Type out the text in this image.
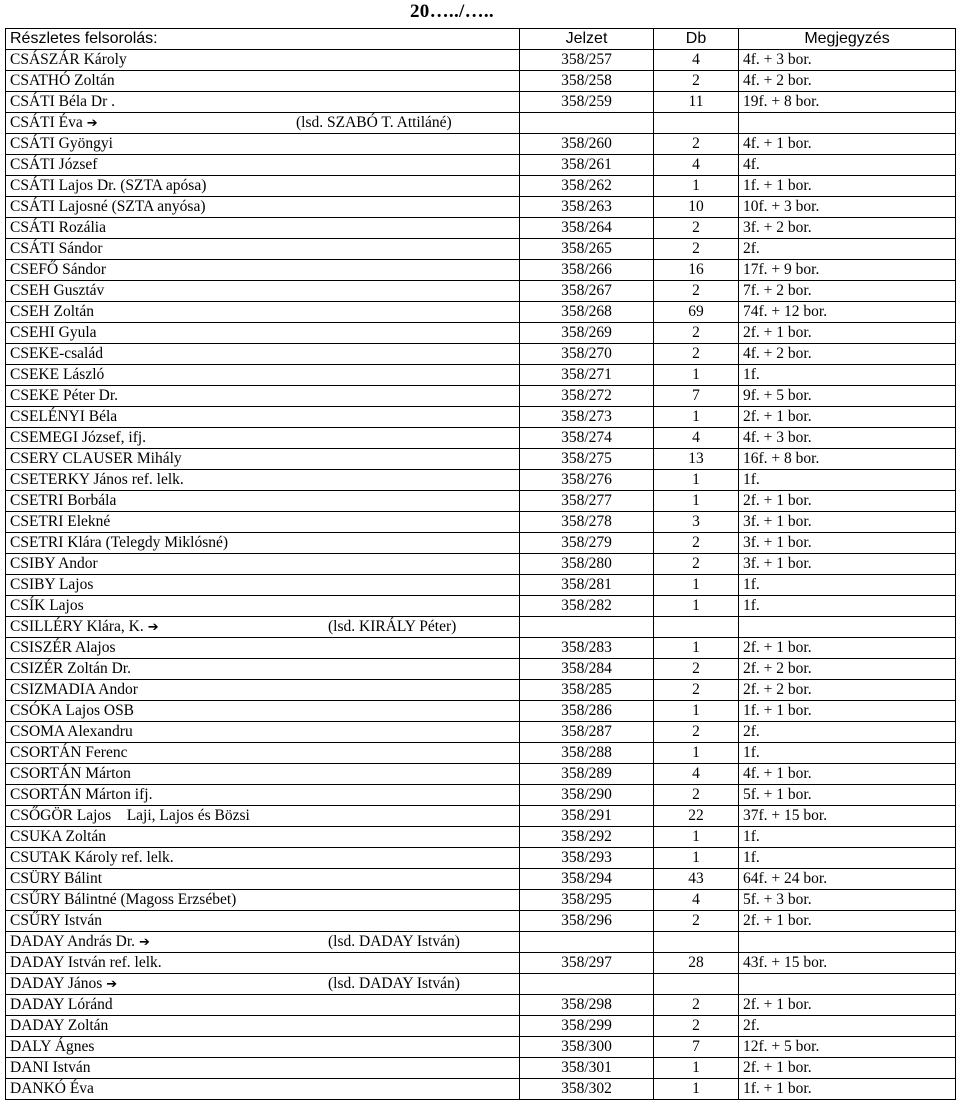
20…../…..
Részletes felsorolás:	Jelzet	Db	Megjegyzés
CSÁSZÁR Károly	358/257	4	4f. + 3 bor.
CSATHÓ Zoltán	358/258	2	4f. + 2 bor.
CSÁTI Béla Dr .	358/259	11	19f. + 8 bor.
CSÁTI Éva ➔ (lsd. SZABÓ T. Attiláné)			

CSÁTI Gyöngyi	358/260	2	4f. + 1 bor.
CSÁTI József	358/261	4	4f.
CSÁTI Lajos Dr. (SZTA apósa)	358/262	1	1f. + 1 bor.
CSÁTI Lajosné (SZTA anyósa)	358/263	10	10f. + 3 bor.
CSÁTI Rozália	358/264	2	3f. + 2 bor.
CSÁTI Sándor	358/265	2	2f.
CSEFŐ Sándor	358/266	16	17f. + 9 bor.
CSEH Gusztáv	358/267	2	7f. + 2 bor.
CSEH Zoltán	358/268	69	74f. + 12 bor.
CSEHI Gyula	358/269	2	2f. + 1 bor.
CSEKE-család	358/270	2	4f. + 2 bor.
CSEKE László	358/271	1	1f.
CSEKE Péter Dr.	358/272	7	9f. + 5 bor.
CSELÉNYI Béla	358/273	1	2f. + 1 bor.
CSEMEGI József, ifj.	358/274	4	4f. + 3 bor.
CSERY CLAUSER Mihály	358/275	13	16f. + 8 bor.
CSETERKY János ref. lelk.	358/276	1	1f.
CSETRI Borbála	358/277	1	2f. + 1 bor.
CSETRI Elekné	358/278	3	3f. + 1 bor.
CSETRI Klára (Telegdy Miklósné)	358/279	2	3f. + 1 bor.
CSIBY Andor	358/280	2	3f. + 1 bor.
CSIBY Lajos	358/281	1	1f.
CSÍK Lajos	358/282	1	1f.
CSILLÉRY Klára, K. ➔ (lsd. KIRÁLY Péter)			

CSISZÉR Alajos	358/283	1	2f. + 1 bor.
CSIZÉR Zoltán Dr.	358/284	2	2f. + 2 bor.
CSIZMADIA Andor	358/285	2	2f. + 2 bor.
CSÓKA Lajos OSB	358/286	1	1f. + 1 bor.
CSOMA Alexandru	358/287	2	2f.
CSORTÁN Ferenc	358/288	1	1f.
CSORTÁN Márton	358/289	4	4f. + 1 bor.
CSORTÁN Márton ifj.	358/290	2	5f. + 1 bor.
CSŐGÖR Lajos    Laji, Lajos és Bözsi	358/291	22	37f. + 15 bor.
CSUKA Zoltán	358/292	1	1f.
CSUTAK Károly ref. lelk.	358/293	1	1f.
CSÜRY Bálint	358/294	43	64f. + 24 bor.
CSŰRY Bálintné (Magoss Erzsébet)	358/295	4	5f. + 3 bor.
CSŰRY István	358/296	2	2f. + 1 bor.
DADAY András Dr. ➔ (lsd. DADAY István)			

DADAY István ref. lelk.	358/297	28	43f. + 15 bor.
DADAY János ➔ (lsd. DADAY István)			

DADAY Lóránd	358/298	2	2f. + 1 bor.
DADAY Zoltán	358/299	2	2f.
DALY Ágnes	358/300	7	12f. + 5 bor.
DANI István	358/301	1	2f. + 1 bor.
DANKÓ Éva	358/302	1	1f. + 1 bor.
